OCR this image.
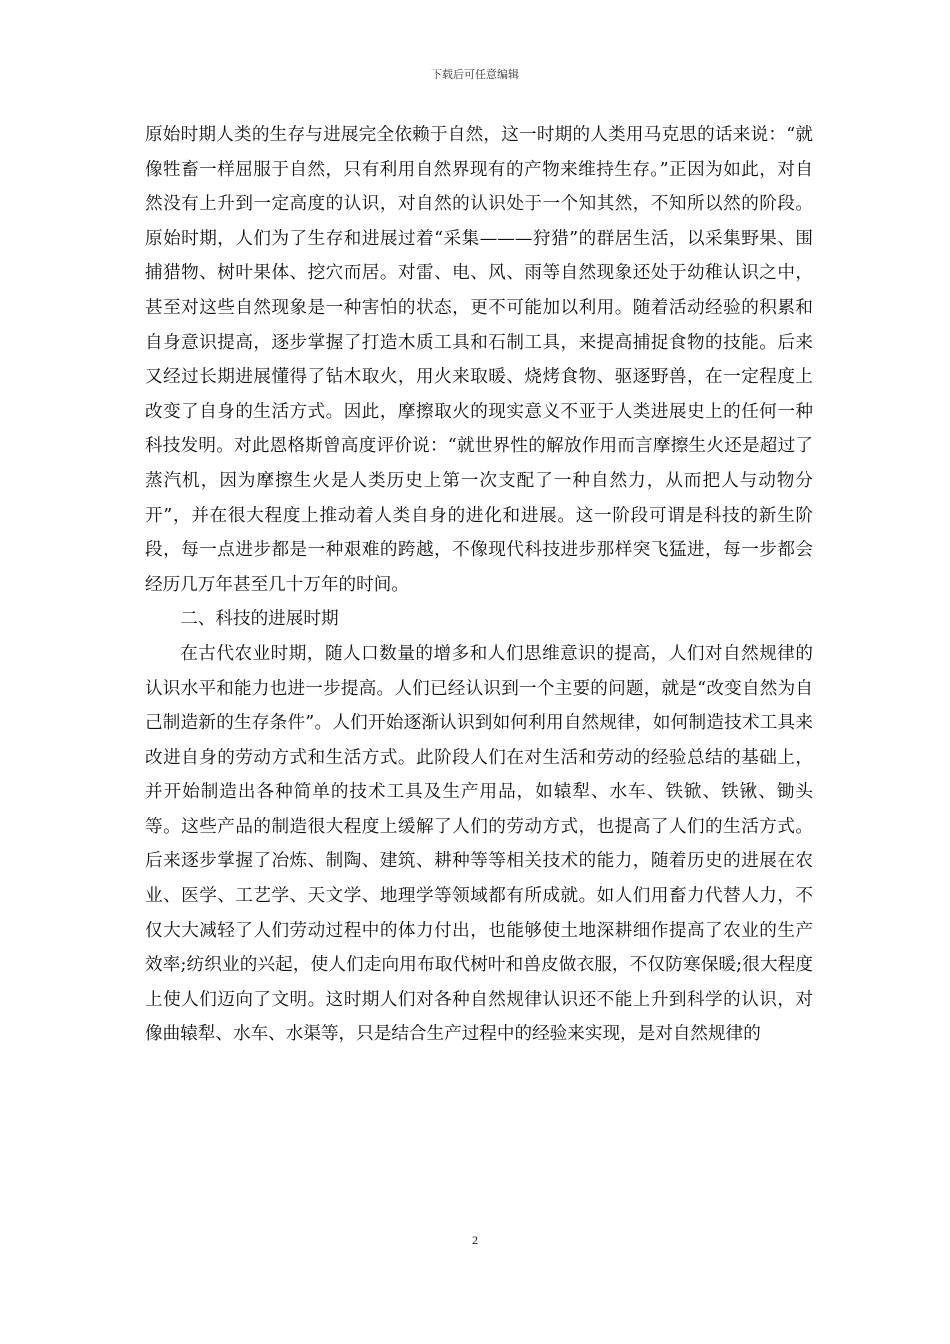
下载后可任意编辑

原始时期人类的生存与进展完全依赖于自然，这一时期的人类用马克思的话来说：“就像牲畜一样屈服于自然，只有利用自然界现有的产物来维持生存。”正因为如此，对自然没有上升到一定高度的认识，对自然的认识处于一个知其然，不知所以然的阶段。原始时期，人们为了生存和进展过着“采集———狩猎”的群居生活，以采集野果、围捕猎物、树叶果体、挖穴而居。对雷、电、风、雨等自然现象还处于幼稚认识之中，甚至对这些自然现象是一种害怕的状态，更不可能加以利用。随着活动经验的积累和自身意识提高，逐步掌握了打造木质工具和石制工具，来提高捕捉食物的技能。后来又经过长期进展懂得了钻木取火，用火来取暖、烧烤食物、驱逐野兽，在一定程度上改变了自身的生活方式。因此，摩擦取火的现实意义不亚于人类进展史上的任何一种科技发明。对此恩格斯曾高度评价说：“就世界性的解放作用而言摩擦生火还是超过了蒸汽机，因为摩擦生火是人类历史上第一次支配了一种自然力，从而把人与动物分开”，并在很大程度上推动着人类自身的进化和进展。这一阶段可谓是科技的新生阶段，每一点进步都是一种艰难的跨越，不像现代科技进步那样突飞猛进，每一步都会经历几万年甚至几十万年的时间。

二、科技的进展时期

在古代农业时期，随人口数量的增多和人们思维意识的提高，人们对自然规律的认识水平和能力也进一步提高。人们已经认识到一个主要的问题，就是“改变自然为自己制造新的生存条件”。人们开始逐渐认识到如何利用自然规律，如何制造技术工具来改进自身的劳动方式和生活方式。此阶段人们在对生活和劳动的经验总结的基础上，并开始制造出各种简单的技术工具及生产用品，如辕犁、水车、铁锨、铁锹、锄头等。这些产品的制造很大程度上缓解了人们的劳动方式，也提高了人们的生活方式。后来逐步掌握了冶炼、制陶、建筑、耕种等等相关技术的能力，随着历史的进展在农业、医学、工艺学、天文学、地理学等领域都有所成就。如人们用畜力代替人力，不仅大大减轻了人们劳动过程中的体力付出，也能够使土地深耕细作提高了农业的生产效率;纺织业的兴起，使人们走向用布取代树叶和兽皮做衣服，不仅防寒保暖;很大程度上使人们迈向了文明。这时期人们对各种自然规律认识还不能上升到科学的认识，对像曲辕犁、水车、水渠等，只是结合生产过程中的经验来实现，是对自然规律的

2
